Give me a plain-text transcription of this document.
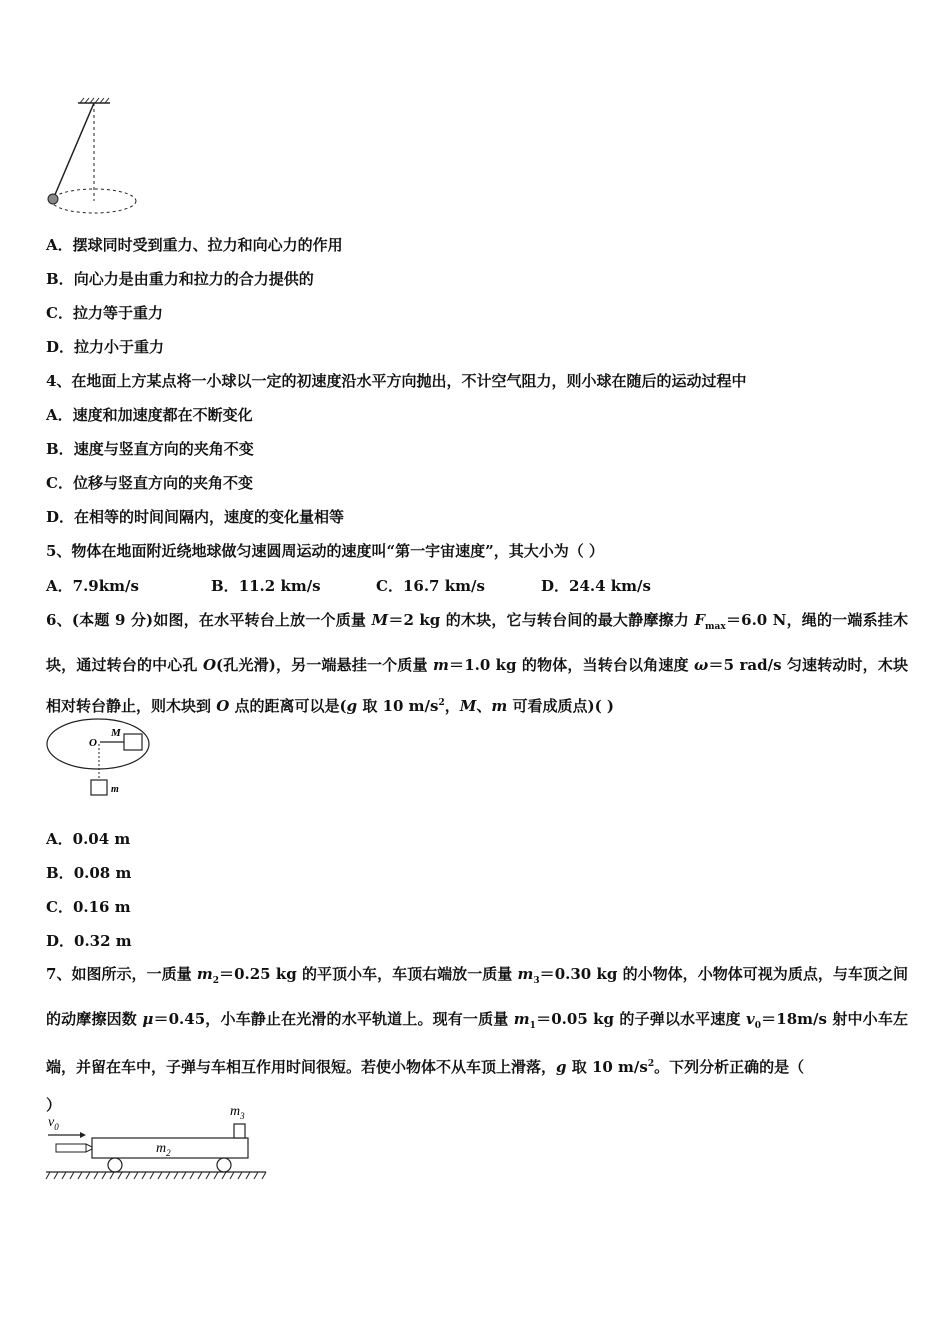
A．摆球同时受到重力、拉力和向心力的作用
B．向心力是由重力和拉力的合力提供的
C．拉力等于重力
D．拉力小于重力
4、在地面上方某点将一小球以一定的初速度沿水平方向抛出，不计空气阻力，则小球在随后的运动过程中
A．速度和加速度都在不断变化
B．速度与竖直方向的夹角不变
C．位移与竖直方向的夹角不变
D．在相等的时间间隔内，速度的变化量相等
5、物体在地面附近绕地球做匀速圆周运动的速度叫“第一宇宙速度”，其大小为（ ）
A．7.9km/s	B．11.2 km/s	C．16.7 km/s	D．24.4 km/s
6、(本题 9 分)如图，在水平转台上放一个质量 M＝2 kg 的木块，它与转台间的最大静摩擦力 $F_{max}=6.0$ N，绳的一端系挂木块，通过转台的中心孔 O(孔光滑)，另一端悬挂一个质量 m＝1.0 kg 的物体，当转台以角速度 ω＝5 rad/s 匀速转动时，木块相对转台静止，则木块到 O 点的距离可以是(g 取 10 $m/s^2$，M、m 可看成质点)( )
O
M
m
A．0.04 m
B．0.08 m
C．0.16 m
D．0.32 m
7、如图所示，一质量 $m_2=0.25$ kg 的平顶小车，车顶右端放一质量 $m_3=0.30$ kg 的小物体，小物体可视为质点，与车顶之间的动摩擦因数 μ＝0.45，小车静止在光滑的水平轨道上。现有一质量 $m_1=0.05$ kg 的子弹以水平速度 $v_0=18m/s$ 射中小车左端，并留在车中，子弹与车相互作用时间很短。若使小物体不从车顶上滑落，g 取 10 $m/s^2$。下列分析正确的是（
）
$v_0$
$m_2$
$m_3$
